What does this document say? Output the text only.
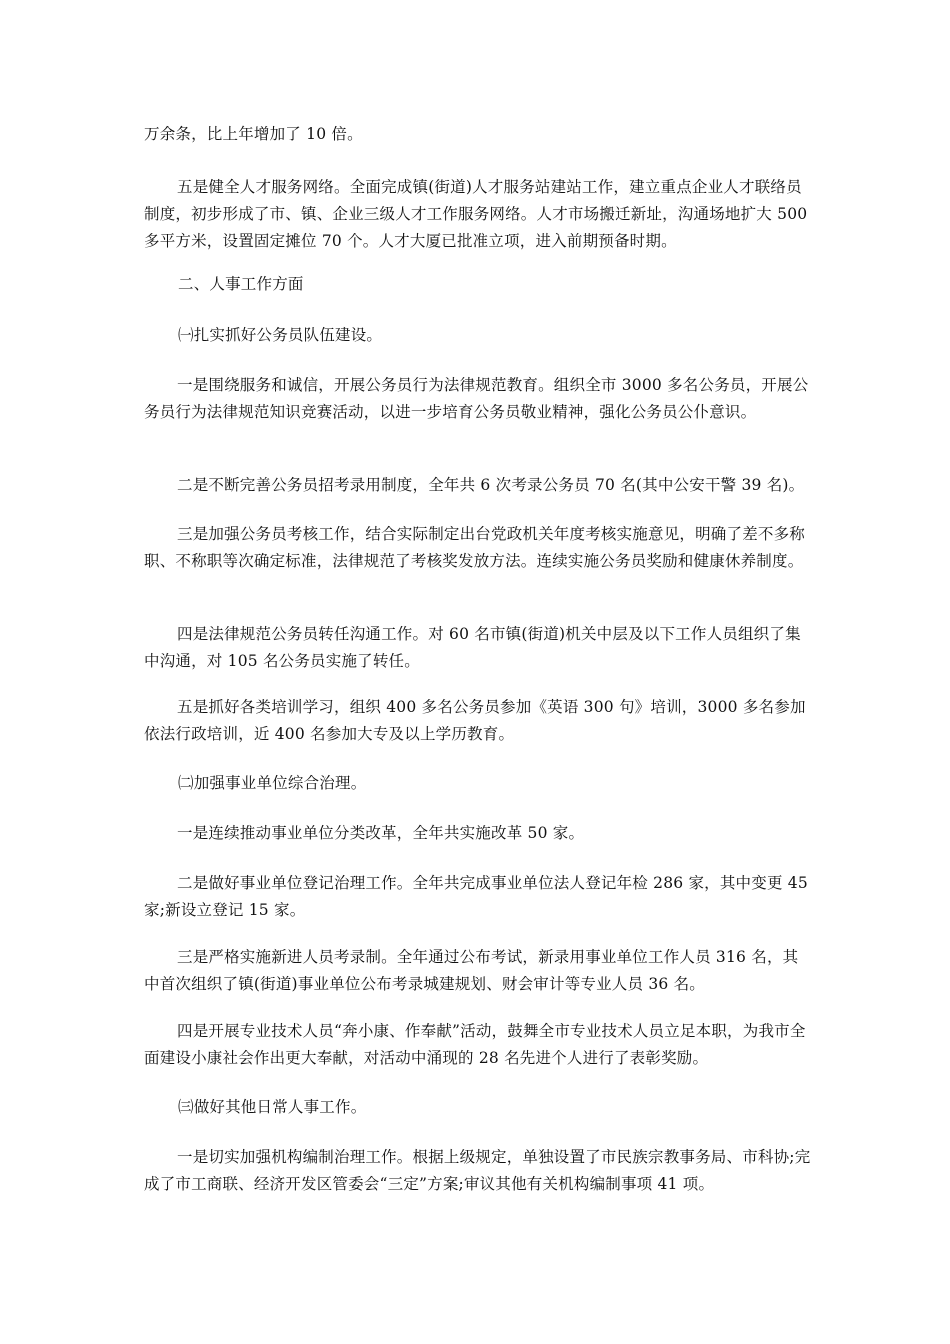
万余条，比上年增加了 10 倍。

五是健全人才服务网络。全面完成镇(街道)人才服务站建站工作，建立重点企业人才联络员制度，初步形成了市、镇、企业三级人才工作服务网络。人才市场搬迁新址，沟通场地扩大 500 多平方米，设置固定摊位 70 个。人才大厦已批准立项，进入前期预备时期。

二、人事工作方面

㈠扎实抓好公务员队伍建设。

一是围绕服务和诚信，开展公务员行为法律规范教育。组织全市 3000 多名公务员，开展公务员行为法律规范知识竞赛活动，以进一步培育公务员敬业精神，强化公务员公仆意识。

二是不断完善公务员招考录用制度，全年共 6 次考录公务员 70 名(其中公安干警 39 名)。

三是加强公务员考核工作，结合实际制定出台党政机关年度考核实施意见，明确了差不多称职、不称职等次确定标准，法律规范了考核奖发放方法。连续实施公务员奖励和健康休养制度。

四是法律规范公务员转任沟通工作。对 60 名市镇(街道)机关中层及以下工作人员组织了集中沟通，对 105 名公务员实施了转任。

五是抓好各类培训学习，组织 400 多名公务员参加《英语 300 句》培训，3000 多名参加依法行政培训，近 400 名参加大专及以上学历教育。

㈡加强事业单位综合治理。

一是连续推动事业单位分类改革，全年共实施改革 50 家。

二是做好事业单位登记治理工作。全年共完成事业单位法人登记年检 286 家，其中变更 45 家;新设立登记 15 家。

三是严格实施新进人员考录制。全年通过公布考试，新录用事业单位工作人员 316 名，其中首次组织了镇(街道)事业单位公布考录城建规划、财会审计等专业人员 36 名。

四是开展专业技术人员“奔小康、作奉献”活动，鼓舞全市专业技术人员立足本职，为我市全面建设小康社会作出更大奉献，对活动中涌现的 28 名先进个人进行了表彰奖励。

㈢做好其他日常人事工作。

一是切实加强机构编制治理工作。根据上级规定，单独设置了市民族宗教事务局、市科协;完成了市工商联、经济开发区管委会“三定”方案;审议其他有关机构编制事项 41 项。
